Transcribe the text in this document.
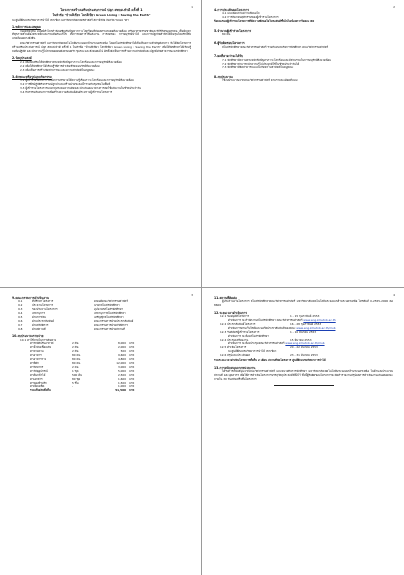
1
โครงการสร้างเสริมประสบการณ์ ปลุก สทบส.ทำดี ครั้งที่ 1
ในหัวข้อ "บ้านสีเขียว โลกสีเขียว Green Living : Saving the Earth"
ณ ศูนย์ฝึกอบรมวิทยาการป่าไม้ เขาเขียว มหาวิทยาลัยเกษตรศาสตร์ สถานีวิจัย จังหวัด ระยอง ฯลฯ
1.หลักการและเหตุผล
ในยุคปัจจุบัน มนุษย์ทั่วโลกกำลังเผชิญกับปัญหาภาวะโลกร้อนที่ส่งผลกระทบต่อสิ่งแวดล้อม ทรัพยากรธรรมชาติและวิถีชีวิตของทุกคน เป็นปัญหาที่ทุกภาคส่วนต้องตระหนักและร่วมมือกันแก้ไข ทั้งการลดการใช้พลังงาน การลดขยะ การอนุรักษ์ป่าไม้ และการปลูกจิตสำนึกให้คนรุ่นใหม่รักษ์สิ่งแวดล้อมอย่างยั่งยืน
คณะวิศวกรรมศาสตร์ มหาวิทยาลัยเทคโนโลยีพระจอมเกล้าพระนครเหนือ โดยสโมสรนักศึกษาได้เล็งเห็นความสำคัญดังกล่าว จึงได้จัดโครงการสร้างเสริมประสบการณ์ ปลุก สทบส.ทำดี ครั้งที่ 1 ในหัวข้อ "บ้านสีเขียว โลกสีเขียว Green Living : Saving the Earth" เพื่อให้นักศึกษาได้เรียนรู้ ลงมือปฏิบัติ และนำความรู้ไปถ่ายทอดต่อยังครอบครัว ชุมชน และสังคมต่อไป อีกทั้งยังเป็นการสร้างความสามัคคีและปลูกฝังจิตสาธารณะแก่นักศึกษา
2.วัตถุประสงค์
2.1 เพื่อส่งเสริมให้นักศึกษาตระหนักถึงปัญหาภาวะโลกร้อนและการอนุรักษ์สิ่งแวดล้อม
2.2 เพื่อให้นักศึกษาได้เรียนรู้วิธีการดำเนินชีวิตแบบรักษ์สิ่งแวดล้อม
2.3 เพื่อเป็นการสร้างจิตสาธารณะและความสามัคคีในหมู่คณะ
3.ลักษณะหรือรูปแบบกิจกรรม
3.1 ผู้เข้าร่วมโครงการรับฟังการบรรยายให้ความรู้เรื่องภาวะโลกร้อนและการอนุรักษ์สิ่งแวดล้อม
3.2 การฝึกปฏิบัติกิจกรรมปลูกป่าและสร้างฝายชะลอน้ำร่วมกับชุมชนในพื้นที่
3.3 ผู้เข้าร่วมโครงการแบ่งกลุ่มระดมความคิดและนำเสนอแนวทางการลดใช้พลังงานในชีวิตประจำวัน
3.4 กิจกรรมสันทนาการเพื่อสร้างความสัมพันธ์อันดีระหว่างผู้เข้าร่วมโครงการ
2
4.การประเมินผลโครงการ
4.1 แบบสอบถามความพึงพอใจ
4.2 การสังเกตพฤติกรรมของผู้เข้าร่วมโครงการ
ร้อยละของผู้เข้าร่วมโครงการที่มีความพึงพอใจในระดับดีขึ้นไปไม่น้อยกว่าร้อยละ 80
5.จำนวนผู้เข้าร่วมโครงการ
80 คน
6.ผู้รับผิดชอบโครงการ
สโมสรนักศึกษาคณะวิศวกรรมศาสตร์ ร่วมกับหน่วยกิจการนักศึกษา คณะวิศวกรรมศาสตร์
7.ผลที่คาดว่าจะได้รับ
7.1 นักศึกษามีความตระหนักถึงปัญหาภาวะโลกร้อนและมีส่วนร่วมในการอนุรักษ์สิ่งแวดล้อม
7.2 นักศึกษาสามารถนำความรู้ไปประยุกต์ใช้ในชีวิตประจำวันได้
7.3 นักศึกษามีจิตสาธารณะและเกิดความสามัคคีในหมู่คณะ
8.งบประมาณ
ใช้งบประมาณจากคณะวิศวกรรมศาสตร์ ตามรายละเอียดที่แนบ
3
9.คณะกรรมการดำเนินงาน
9.1	ที่ปรึกษาโครงการ	คณบดีคณะวิศวกรรมศาสตร์
9.2	ประธานโครงการ	นายกสโมสรนักศึกษา
9.3	รองประธานโครงการ	อุปนายกสโมสรนักศึกษา
9.4	เลขานุการ	เลขานุการสโมสรนักศึกษา
9.5	ฝ่ายการเงิน	เหรัญญิกสโมสรนักศึกษา
9.6	ฝ่ายประชาสัมพันธ์	คณะกรรมการฝ่ายประชาสัมพันธ์
9.7	ฝ่ายสวัสดิการ	คณะกรรมการฝ่ายสวัสดิการ
9.8	ฝ่ายสถานที่	คณะกรรมการฝ่ายสถานที่
10.งบประมาณรายจ่าย
10.1 ค่าใช้จ่ายในการเดินทาง
ค่ารถบัสปรับอากาศ	2 คัน	8,000	บาท
ค่าน้ำมันเชื้อเพลิง	2 คัน	2,000	บาท
ค่าทางด่วน	2 คัน	500	บาท
ค่าอาหาร	80 คน	9,600	บาท
ค่าอาหารว่าง	80 คน	4,800	บาท
ค่าที่พัก	80 คน	12,000	บาท
ค่าวิทยากร	2 คน	3,000	บาท
ค่าวัสดุอุปกรณ์	1 ชุด	5,000	บาท
ค่าต้นกล้าไม้	500 ต้น	2,500	บาท
ค่าเอกสาร	80 ชุด	1,600	บาท
ค่าของที่ระลึก	5 ชิ้น	1,500	บาท
ค่าเบ็ดเตล็ด	-	1,000	บาท
รวมเป็นเงินทั้งสิ้น	51,500	บาท
4
11.สถานที่ติดต่อ
ผู้ประสานงานโครงการ สโมสรนักศึกษาคณะวิศวกรรมศาสตร์ มหาวิทยาลัยเทคโนโลยีพระจอมเกล้าพระนครเหนือ โทรศัพท์ 0-2555-2000 ต่อ 8600
12.ระยะเวลาดำเนินการ
12.1 ขออนุมัติโครงการ	1 - 15 กุมภาพันธ์ 2553
ดำเนินการ ณ สำนักงานสโมสรนักศึกษา คณะวิศวกรรมศาสตร์ www.eng.kmutnb.ac.th
12.2 ประชาสัมพันธ์โครงการ	16 - 28 กุมภาพันธ์ 2553
ดำเนินการผ่านเว็บไซต์และบอร์ดประชาสัมพันธ์ของคณะ www.eng.kmutnb.ac.th/club
12.3 รับสมัครผู้เข้าร่วมโครงการ	1 - 10 มีนาคม 2553
ดำเนินการ ณ ห้องสโมสรนักศึกษา
12.4 ประชุมเตรียมงาน	15 มีนาคม 2553
ดำเนินการ ณ ห้องประชุมคณะวิศวกรรมศาสตร์ www.eng.kmutnb.ac.th/club
12.5 ดำเนินโครงการ	20 - 22 มีนาคม 2553
ณ ศูนย์ฝึกอบรมวิทยาการป่าไม้ เขาเขียว
12.6 สรุปและประเมินผล	23 - 31 มีนาคม 2553
รวมระยะเวลาดำเนินโครงการทั้งสิ้น 2 เดือน สถานที่จัดโครงการ ศูนย์ฝึกอบรมวิทยาการป่าไม้
13.การสนับสนุนจากหน่วยงาน
ได้รับการสนับสนุนจากคณะวิศวกรรมศาสตร์ และหน่วยกิจการนักศึกษา มหาวิทยาลัยเทคโนโลยีพระจอมเกล้าพระนครเหนือ ในด้านงบประมาณ สถานที่ และบุคลากร เพื่อให้การดำเนินโครงการบรรลุวัตถุประสงค์ที่ตั้งไว้ ทั้งนี้ผู้รับผิดชอบโครงการจะจัดทำรายงานสรุปผลการดำเนินงานเสนอต่อคณะภายใน 30 วันหลังเสร็จสิ้นโครงการ
